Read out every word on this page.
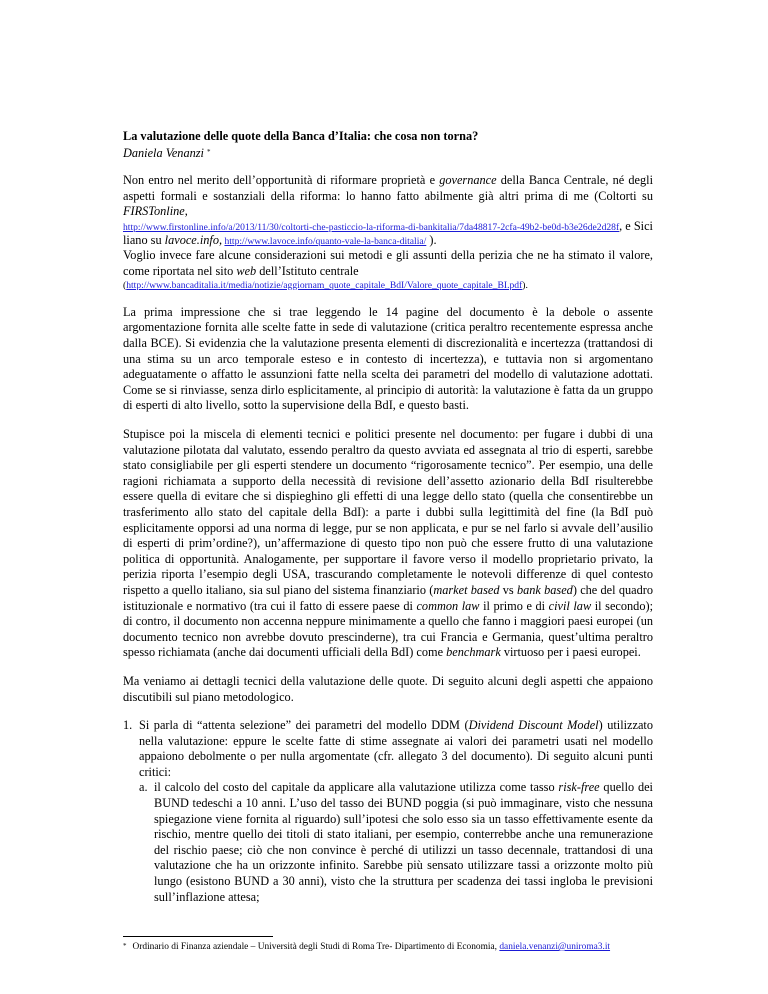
La valutazione delle quote della Banca d’Italia: che cosa non torna?
Daniela Venanzi *

Non entro nel merito dell’opportunità di riformare proprietà e governance della Banca Centrale, né degli aspetti formali e sostanziali della riforma: lo hanno fatto abilmente già altri prima di me (Coltorti su FIRSTonline,

http://www.firstonline.info/a/2013/11/30/coltorti-che-pasticcio-la-riforma-di-bankitalia/7da48817-2cfa-49b2-be0d-b3e26de2d28f, e Siciliano su lavoce.info, http://www.lavoce.info/quanto-vale-la-banca-ditalia/ ).

Voglio invece fare alcune considerazioni sui metodi e gli assunti della perizia che ne ha stimato il valore, come riportata nel sito web dell’Istituto centrale

(http://www.bancaditalia.it/media/notizie/aggiornam_quote_capitale_BdI/Valore_quote_capitale_BI.pdf).

La prima impressione che si trae leggendo le 14 pagine del documento è la debole o assente argomentazione fornita alle scelte fatte in sede di valutazione (critica peraltro recentemente espressa anche dalla BCE). Si evidenzia che la valutazione presenta elementi di discrezionalità e incertezza (trattandosi di una stima su un arco temporale esteso e in contesto di incertezza), e tuttavia non si argomentano adeguatamente o affatto le assunzioni fatte nella scelta dei parametri del modello di valutazione adottati. Come se si rinviasse, senza dirlo esplicitamente, al principio di autorità: la valutazione è fatta da un gruppo di esperti di alto livello, sotto la supervisione della BdI, e questo basti.

Stupisce poi la miscela di elementi tecnici e politici presente nel documento: per fugare i dubbi di una valutazione pilotata dal valutato, essendo peraltro da questo avviata ed assegnata al trio di esperti, sarebbe stato consigliabile per gli esperti stendere un documento “rigorosamente tecnico”. Per esempio, una delle ragioni richiamata a supporto della necessità di revisione dell’assetto azionario della BdI risulterebbe essere quella di evitare che si dispieghino gli effetti di una legge dello stato (quella che consentirebbe un trasferimento allo stato del capitale della BdI): a parte i dubbi sulla legittimità del fine (la BdI può esplicitamente opporsi ad una norma di legge, pur se non applicata, e pur se nel farlo si avvale dell’ausilio di esperti di prim’ordine?), un’affermazione di questo tipo non può che essere frutto di una valutazione politica di opportunità. Analogamente, per supportare il favore verso il modello proprietario privato, la perizia riporta l’esempio degli USA, trascurando completamente le notevoli differenze di quel contesto rispetto a quello italiano, sia sul piano del sistema finanziario (market based vs bank based) che del quadro istituzionale e normativo (tra cui il fatto di essere paese di common law il primo e di civil law il secondo); di contro, il documento non accenna neppure minimamente a quello che fanno i maggiori paesi europei (un documento tecnico non avrebbe dovuto prescinderne), tra cui Francia e Germania, quest’ultima peraltro spesso richiamata (anche dai documenti ufficiali della BdI) come benchmark virtuoso per i paesi europei.

Ma veniamo ai dettagli tecnici della valutazione delle quote. Di seguito alcuni degli aspetti che appaiono discutibili sul piano metodologico.

1. Si parla di “attenta selezione” dei parametri del modello DDM (Dividend Discount Model) utilizzato nella valutazione: eppure le scelte fatte di stime assegnate ai valori dei parametri usati nel modello appaiono debolmente o per nulla argomentate (cfr. allegato 3 del documento). Di seguito alcuni punti critici:
a. il calcolo del costo del capitale da applicare alla valutazione utilizza come tasso risk-free quello dei BUND tedeschi a 10 anni. L’uso del tasso dei BUND poggia (si può immaginare, visto che nessuna spiegazione viene fornita al riguardo) sull’ipotesi che solo esso sia un tasso effettivamente esente da rischio, mentre quello dei titoli di stato italiani, per esempio, conterrebbe anche una remunerazione del rischio paese; ciò che non convince è perché di utilizzi un tasso decennale, trattandosi di una valutazione che ha un orizzonte infinito. Sarebbe più sensato utilizzare tassi a orizzonte molto più lungo (esistono BUND a 30 anni), visto che la struttura per scadenza dei tassi ingloba le previsioni sull’inflazione attesa;
* Ordinario di Finanza aziendale – Università degli Studi di Roma Tre- Dipartimento di Economia, daniela.venanzi@uniroma3.it
